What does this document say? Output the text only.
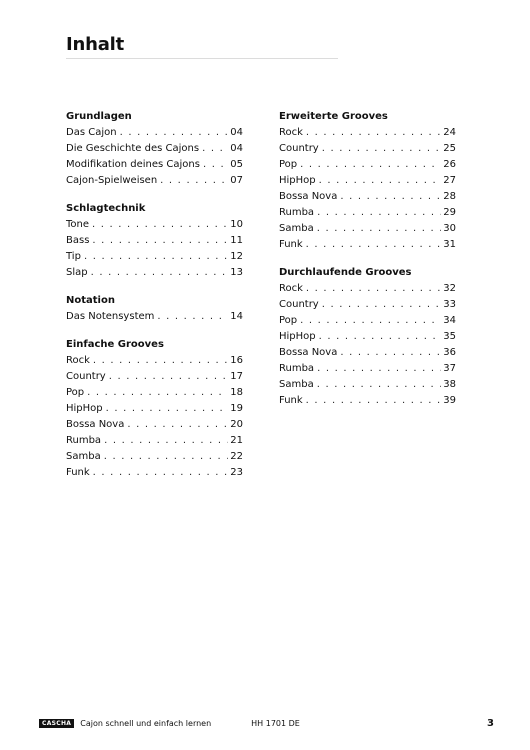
Inhalt
Grundlagen
Das Cajon . . .	04
Die Geschichte des Cajons . . .	04
Modifikation deines Cajons . . .	05
Cajon-Spielweisen . . .	07
Schlagtechnik
Tone . . .	10
Bass . . .	11
Tip . . .	12
Slap . . .	13
Notation
Das Notensystem . . .	14
Einfache Grooves
Rock . . .	16
Country . . .	17
Pop . . .	18
HipHop . . .	19
Bossa Nova . . .	20
Rumba . . .	21
Samba . . .	22
Funk . . .	23
Erweiterte Grooves
Rock . . .	24
Country . . .	25
Pop . . .	26
HipHop . . .	27
Bossa Nova . . .	28
Rumba . . .	29
Samba . . .	30
Funk . . .	31
Durchlaufende Grooves
Rock . . .	32
Country . . .	33
Pop . . .	34
HipHop . . .	35
Bossa Nova . . .	36
Rumba . . .	37
Samba . . .	38
Funk . . .	39
CASCHA	Cajon schnell und einfach lernen	HH 1701 DE	3
